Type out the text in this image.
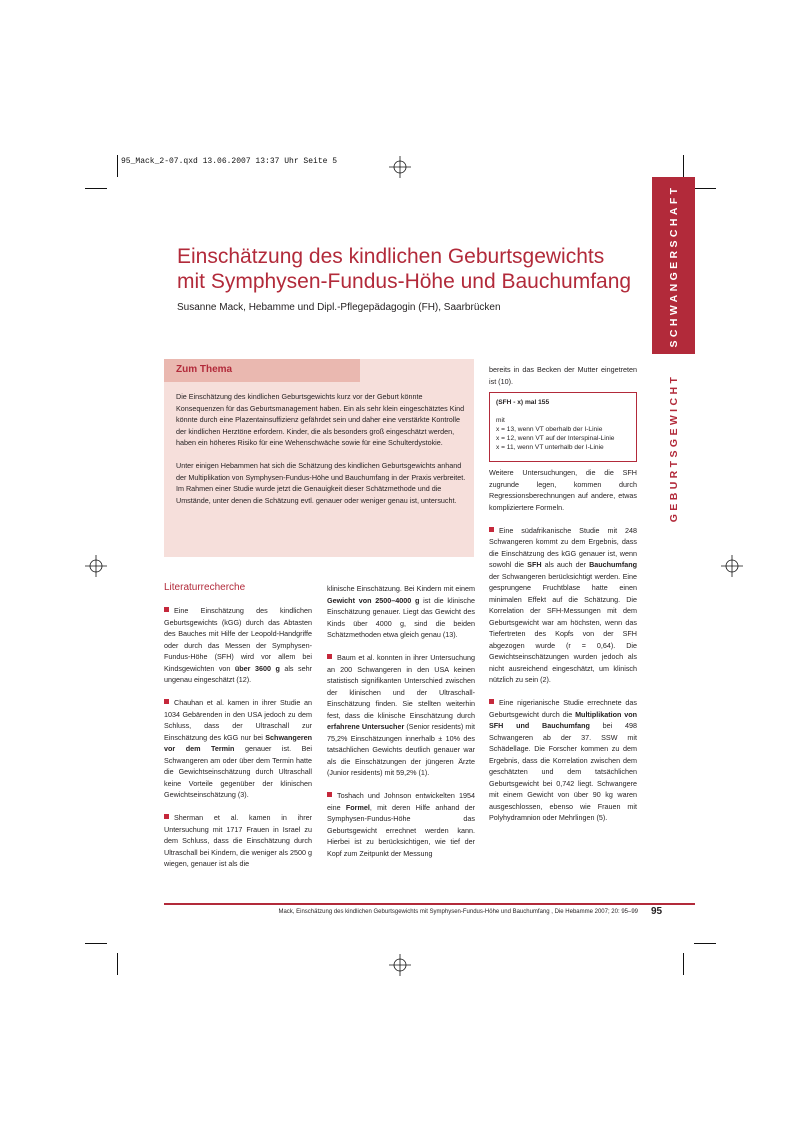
95_Mack_2-07.qxd 13.06.2007 13:37 Uhr Seite 5
SCHWANGERSCHAFT
GEBURTSGEWICHT
Einschätzung des kindlichen Geburtsgewichts
mit Symphysen-Fundus-Höhe und Bauchumfang
Susanne Mack, Hebamme und Dipl.-Pflegepädagogin (FH), Saarbrücken
Zum Thema

Die Einschätzung des kindlichen Geburtsgewichts kurz vor der Geburt könnte Konsequenzen für das Geburtsmanagement haben. Ein als sehr klein eingeschätztes Kind könnte durch eine Plazentainsuffizienz gefährdet sein und daher eine verstärkte Kontrolle der kindlichen Herztöne erfordern. Kinder, die als besonders groß eingeschätzt werden, haben ein höheres Risiko für eine Wehenschwäche sowie für eine Schulterdystokie.

Unter einigen Hebammen hat sich die Schätzung des kindlichen Geburtsgewichts anhand der Multiplikation von Symphysen-Fundus-Höhe und Bauchumfang in der Praxis verbreitet. Im Rahmen einer Studie wurde jetzt die Genauigkeit dieser Schätzmethode und die Umstände, unter denen die Schätzung evtl. genauer oder weniger genau ist, untersucht.

bereits in das Becken der Mutter eingetreten ist (10).

(SFH - x) mal 155
mit
x = 13, wenn VT oberhalb der I-Linie
x = 12, wenn VT auf der Interspinal-Linie
x = 11, wenn VT unterhalb der I-Linie

Weitere Untersuchungen, die die SFH zugrunde legen, kommen durch Regressionsberechnungen auf andere, etwas kompliziertere Formeln.

Eine südafrikanische Studie mit 248 Schwangeren kommt zu dem Ergebnis, dass die Einschätzung des kGG genauer ist, wenn sowohl die SFH als auch der Bauchumfang der Schwangeren berücksichtigt werden. Eine gesprungene Fruchtblase hatte einen minimalen Effekt auf die Schätzung. Die Korrelation der SFH-Messungen mit dem Geburtsgewicht war am höchsten, wenn das Tiefertreten des Kopfs von der SFH abgezogen wurde (r = 0,64). Die Gewichtseinschätzungen wurden jedoch als nicht ausreichend eingeschätzt, um klinisch nützlich zu sein (2).

Eine nigerianische Studie errechnete das Geburtsgewicht durch die Multiplikation von SFH und Bauchumfang bei 498 Schwangeren ab der 37. SSW mit Schädellage. Die Forscher kommen zu dem Ergebnis, dass die Korrelation zwischen dem geschätzten und dem tatsächlichen Geburtsgewicht bei 0,742 liegt. Schwangere mit einem Gewicht von über 90 kg waren ausgeschlossen, ebenso wie Frauen mit Polyhydramnion oder Mehrlingen (5).

Literaturrecherche

Eine Einschätzung des kindlichen Geburtsgewichts (kGG) durch das Abtasten des Bauches mit Hilfe der Leopold-Handgriffe oder durch das Messen der Symphysen-Fundus-Höhe (SFH) wird vor allem bei Kindsgewichten von über 3600 g als sehr ungenau eingeschätzt (12).

Chauhan et al. kamen in ihrer Studie an 1034 Gebärenden in den USA jedoch zu dem Schluss, dass der Ultraschall zur Einschätzung des kGG nur bei Schwangeren vor dem Termin genauer ist. Bei Schwangeren am oder über dem Termin hatte die Gewichtseinschätzung durch Ultraschall keine Vorteile gegenüber der klinischen Gewichtseinschätzung (3).

Sherman et al. kamen in ihrer Untersuchung mit 1717 Frauen in Israel zu dem Schluss, dass die Einschätzung durch Ultraschall bei Kindern, die weniger als 2500 g wiegen, genauer ist als die

klinische Einschätzung. Bei Kindern mit einem Gewicht von 2500–4000 g ist die klinische Einschätzung genauer. Liegt das Gewicht des Kinds über 4000 g, sind die beiden Schätzmethoden etwa gleich genau (13).

Baum et al. konnten in ihrer Untersuchung an 200 Schwangeren in den USA keinen statistisch signifikanten Unterschied zwischen der klinischen und der Ultraschall-Einschätzung finden. Sie stellten weiterhin fest, dass die klinische Einschätzung durch erfahrene Untersucher (Senior residents) mit 75,2% Einschätzungen innerhalb ± 10% des tatsächlichen Gewichts deutlich genauer war als die Einschätzungen der jüngeren Ärzte (Junior residents) mit 59,2% (1).

Toshach und Johnson entwickelten 1954 eine Formel, mit deren Hilfe anhand der Symphysen-Fundus-Höhe das Geburtsgewicht errechnet werden kann. Hierbei ist zu berücksichtigen, wie tief der Kopf zum Zeitpunkt der Messung

Mack, Einschätzung des kindlichen Geburtsgewichts mit Symphysen-Fundus-Höhe und Bauchumfang , Die Hebamme 2007; 20: 95–99 95
